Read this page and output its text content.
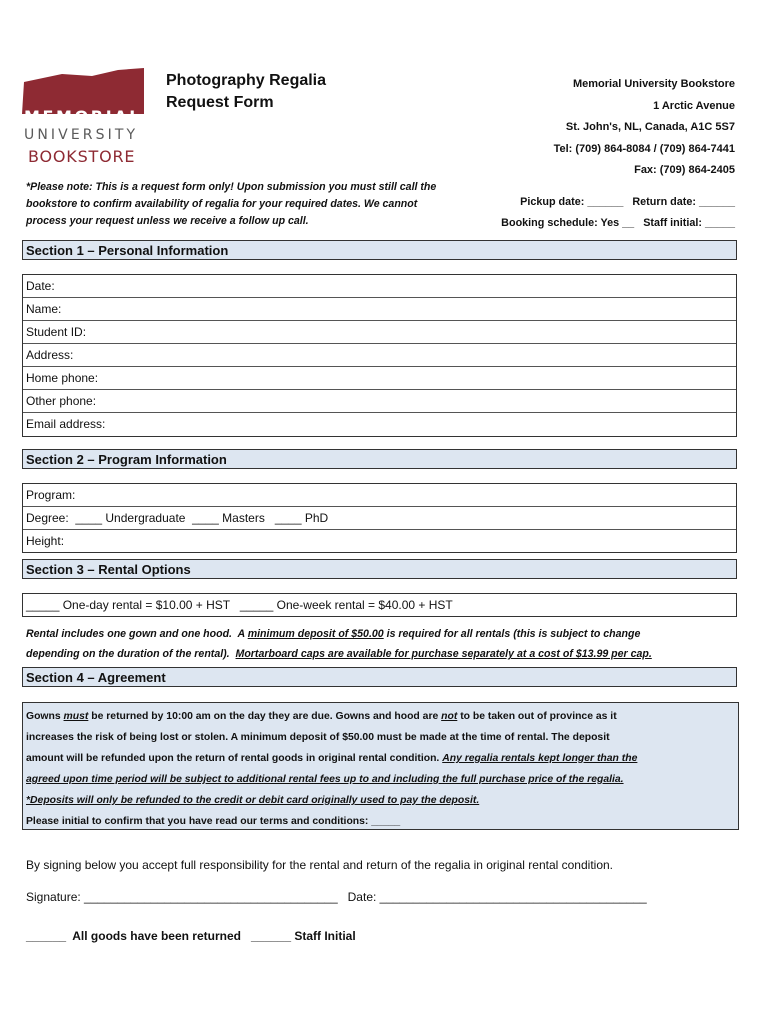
MEMORIAL
UNIVERSITY
BOOKSTORE
Photography Regalia
Request Form
Memorial University Bookstore
1 Arctic Avenue
St. John's, NL, Canada, A1C 5S7
Tel: (709) 864-8084 / (709) 864-7441
Fax: (709) 864-2405
*Please note: This is a request form only! Upon submission you must still call the bookstore to confirm availability of regalia for your required dates. We cannot process your request unless we receive a follow up call.
Pickup date: ______ Return date: ______
Booking schedule: Yes __ Staff initial: _____
Section 1 – Personal Information
Date:
Name:
Student ID:
Address:
Home phone:
Other phone:
Email address:
Section 2 – Program Information
Program:
Degree:  ____ Undergraduate  ____ Masters   ____ PhD
Height:
Section 3 – Rental Options
_____ One-day rental = $10.00 + HST   _____ One-week rental = $40.00 + HST
Rental includes one gown and one hood.  A minimum deposit of $50.00 is required for all rentals (this is subject to change
depending on the duration of the rental).  Mortarboard caps are available for purchase separately at a cost of $13.99 per cap.
Section 4 – Agreement
Gowns must be returned by 10:00 am on the day they are due. Gowns and hood are not to be taken out of province as it
increases the risk of being lost or stolen. A minimum deposit of $50.00 must be made at the time of rental. The deposit
amount will be refunded upon the return of rental goods in original rental condition. Any regalia rentals kept longer than the
agreed upon time period will be subject to additional rental fees up to and including the full purchase price of the regalia.
*Deposits will only be refunded to the credit or debit card originally used to pay the deposit.
Please initial to confirm that you have read our terms and conditions: _____
By signing below you accept full responsibility for the rental and return of the regalia in original rental condition.
Signature: ______________________________________   Date: ________________________________________
______  All goods have been returned   ______ Staff Initial
